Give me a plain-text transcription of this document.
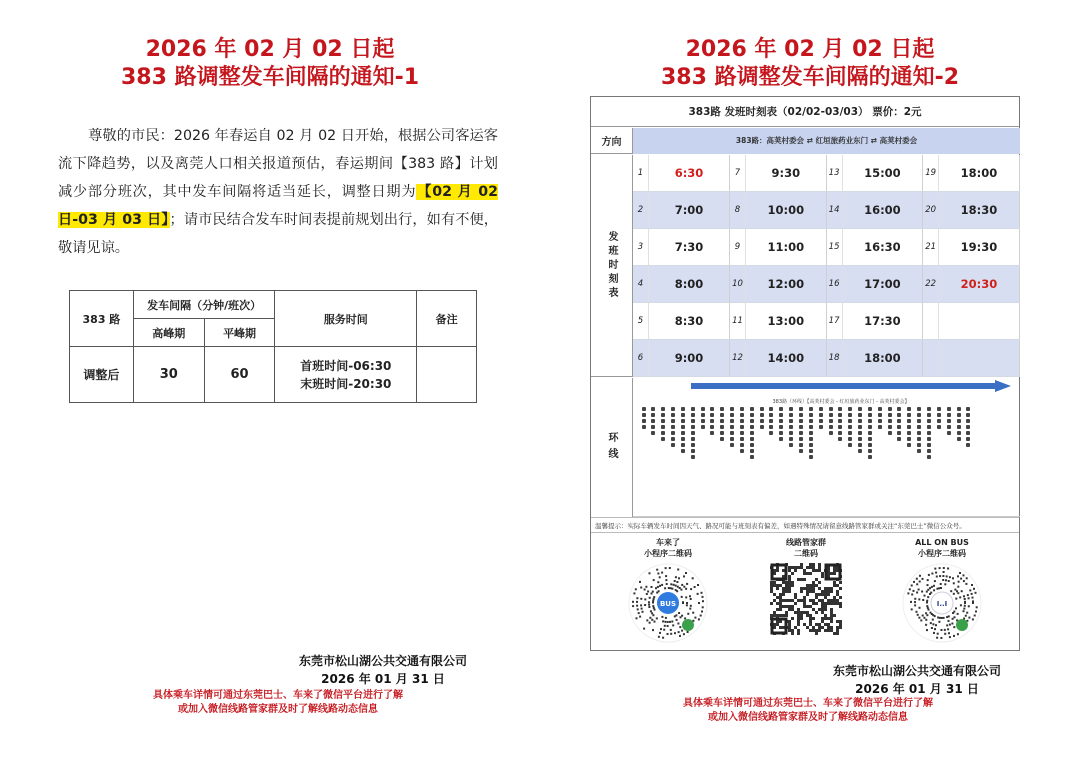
2026 年 02 月 02 日起
383 路调整发车间隔的通知-1
尊敬的市民：2026 年春运自 02 月 02 日开始，根据公司客运客流下降趋势，以及离莞人口相关报道预估，春运期间【383 路】计划减少部分班次，其中发车间隔将适当延长，调整日期为【02 月 02 日-03 月 03 日】；请市民结合发车时间表提前规划出行，如有不便，敬请见谅。
383 路	发车间隔（分钟/班次）		服务时间	备注
	高峰期	平峰期		
调整后	30	60	首班时间-06:30
末班时间-20:30	

东莞市松山湖公共交通有限公司
2026 年 01 月 31 日
具体乘车详情可通过东莞巴士、车来了微信平台进行了解
或加入微信线路管家群及时了解线路动态信息
2026 年 02 月 02 日起
383 路调整发车间隔的通知-2
383路 发班时刻表（02/02-03/03） 票价：2元
方向	383路：高荚村委会 ⇄ 红垣旅药业东门 ⇄ 高荚村委会
发班时刻表
1	6:30	7	9:30	13	15:00	19	18:00
2	7:00	8	10:00	14	16:00	20	18:30
3	7:30	9	11:00	15	16:30	21	19:30
4	8:00	10	12:00	16	17:00	22	20:30
5	8:30	11	13:00	17	17:30
6	9:00	12	14:00	18	18:00
环线
383路（环线）【高荚村委会 - 红垣旅药业东门 - 高荚村委会】
温馨提示：实际车辆发车时间因天气、路况可能与班刻表有偏差，如遇特殊情况请留意线路管家群或关注“东莞巴士”微信公众号。
车来了
小程序二维码
BUS
线路管家群
二维码
ALL ON BUS
小程序二维码
I..I
东莞市松山湖公共交通有限公司
2026 年 01 月 31 日
具体乘车详情可通过东莞巴士、车来了微信平台进行了解
或加入微信线路管家群及时了解线路动态信息
